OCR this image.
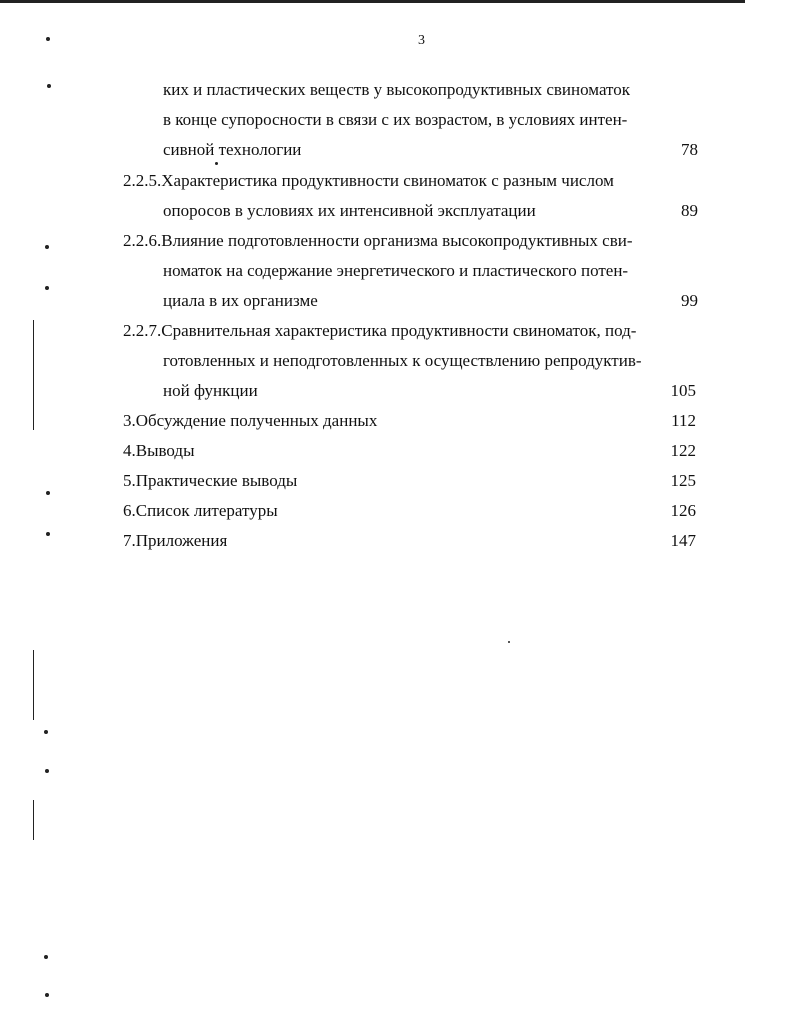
3
ких и пластических веществ у высокопродуктивных свиноматок
в конце супоросности в связи с их возрастом, в условиях интен-
сивной технологии	78
2.2.5.Характеристика продуктивности свиноматок с разным числом
опоросов в условиях их интенсивной эксплуатации	89
2.2.6.Влияние подготовленности организма высокопродуктивных сви-
номаток на содержание энергетического и пластического потен-
циала в их организме	99
2.2.7.Сравнительная характеристика продуктивности свиноматок, под-
готовленных и неподготовленных к осуществлению репродуктив-
ной функции	105
3.Обсуждение полученных данных	112
4.Выводы	122
5.Практические выводы	125
6.Список литературы	126
7.Приложения	147
